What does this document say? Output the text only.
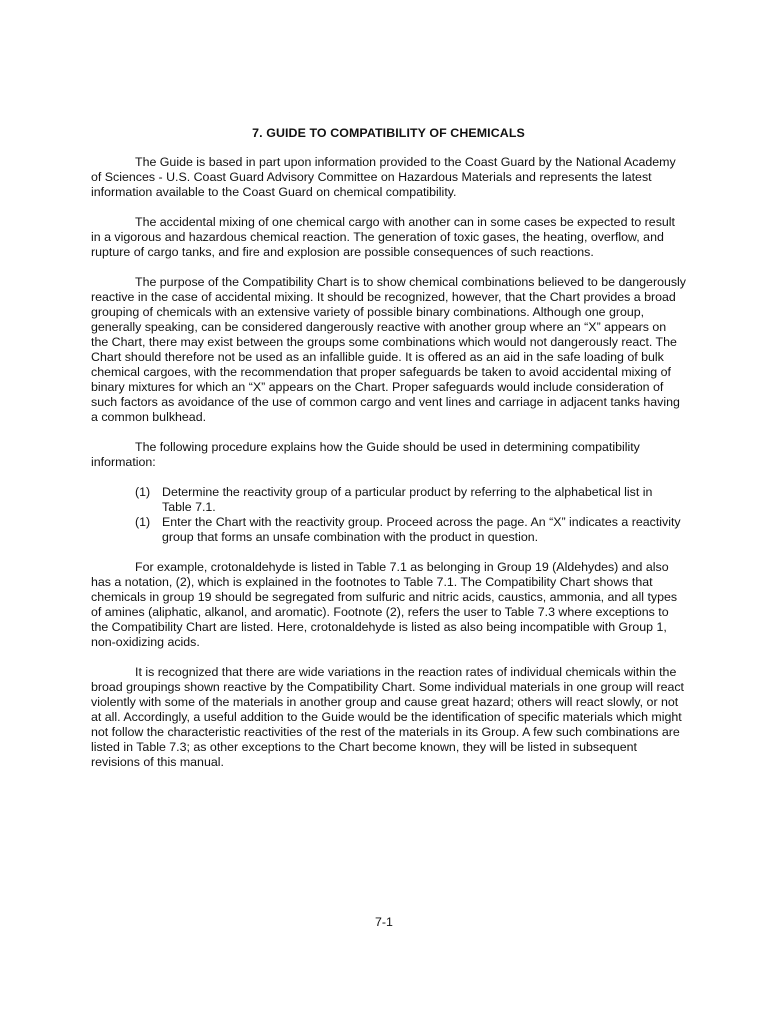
7. GUIDE TO COMPATIBILITY OF CHEMICALS

The Guide is based in part upon information provided to the Coast Guard by the National Academy of Sciences - U.S. Coast Guard Advisory Committee on Hazardous Materials and represents the latest information available to the Coast Guard on chemical compatibility.

The accidental mixing of one chemical cargo with another can in some cases be expected to result in a vigorous and hazardous chemical reaction. The generation of toxic gases, the heating, overflow, and rupture of cargo tanks, and fire and explosion are possible consequences of such reactions.

The purpose of the Compatibility Chart is to show chemical combinations believed to be dangerously reactive in the case of accidental mixing. It should be recognized, however, that the Chart provides a broad grouping of chemicals with an extensive variety of possible binary combinations. Although one group, generally speaking, can be considered dangerously reactive with another group where an “X” appears on the Chart, there may exist between the groups some combinations which would not dangerously react. The Chart should therefore not be used as an infallible guide. It is offered as an aid in the safe loading of bulk chemical cargoes, with the recommendation that proper safeguards be taken to avoid accidental mixing of binary mixtures for which an “X” appears on the Chart. Proper safeguards would include consideration of such factors as avoidance of the use of common cargo and vent lines and carriage in adjacent tanks having a common bulkhead.

The following procedure explains how the Guide should be used in determining compatibility information:

(1) Determine the reactivity group of a particular product by referring to the alphabetical list in Table 7.1.
(1) Enter the Chart with the reactivity group. Proceed across the page. An “X” indicates a reactivity group that forms an unsafe combination with the product in question.

For example, crotonaldehyde is listed in Table 7.1 as belonging in Group 19 (Aldehydes) and also has a notation, (2), which is explained in the footnotes to Table 7.1. The Compatibility Chart shows that chemicals in group 19 should be segregated from sulfuric and nitric acids, caustics, ammonia, and all types of amines (aliphatic, alkanol, and aromatic). Footnote (2), refers the user to Table 7.3 where exceptions to the Compatibility Chart are listed. Here, crotonaldehyde is listed as also being incompatible with Group 1, non-oxidizing acids.

It is recognized that there are wide variations in the reaction rates of individual chemicals within the broad groupings shown reactive by the Compatibility Chart. Some individual materials in one group will react violently with some of the materials in another group and cause great hazard; others will react slowly, or not at all. Accordingly, a useful addition to the Guide would be the identification of specific materials which might not follow the characteristic reactivities of the rest of the materials in its Group. A few such combinations are listed in Table 7.3; as other exceptions to the Chart become known, they will be listed in subsequent revisions of this manual.

7-1
